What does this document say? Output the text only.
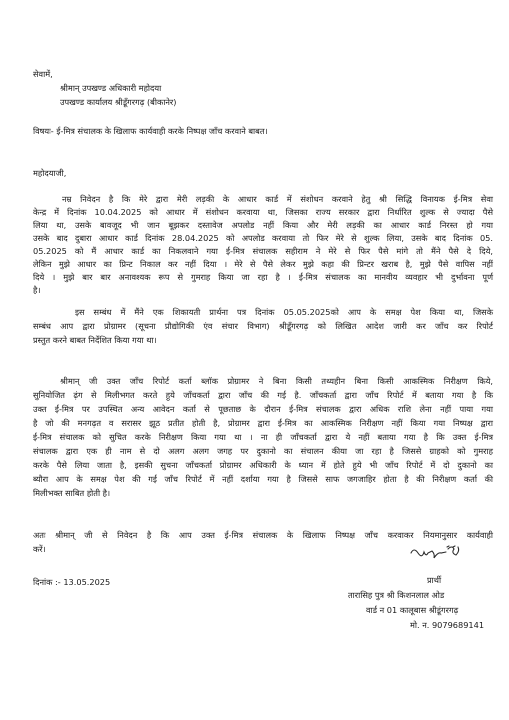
सेवामें,
श्रीमान् उपखण्ड अधिकारी महोदया
उपखण्ड कार्यालय श्रीडूँगरगढ़ (बीकानेर)
विषयः- ई-मित्र संचालक के खिलाफ कार्यवाही करके निष्पक्ष जाँच करवाने बाबत।
महोदयाजी,
नम्र निवेदन है कि मेरे द्वारा मेरी लड़की के आधार कार्ड में संशोधन करवाने हेतु श्री सिद्धि विनायक ई-मित्र सेवा
केन्द्र में दिनांक 10.04.2025 को आधार में संशोधन करवाया था, जिसका राज्य सरकार द्वारा निर्धारित शुल्क से ज्यादा पैसे
लिया था, उसके बावजूद भी जान बूझकर दस्तावेज अपलोड नहीं किया और मेरी लड़की का आधार कार्ड निरस्त हो गया
उसके बाद दुबारा आधार कार्ड दिनांक 28.04.2025 को अपलोड करवाया तो फिर मेरे से शुल्क लिया, उसके बाद दिनांक 05.
05.2025 को मैं आधार कार्ड का निकलवाने गया ई-मित्र संचालक सहीराम ने मेरे से फिर पैसे मांगे तो मैंने पैसे दे दिये,
लेकिन मुझे आधार का प्रिन्ट निकाल कर नहीं दिया । मेरे से पैसे लेकर मुझे कहा की प्रिन्टर खराब है, मुझे पैसे वापिस नहीं
दिये । मुझे बार बार अनावश्यक रूप से गुमराह किया जा रहा है । ई-मित्र संचालक का मानवीय व्यवहार भी दुर्भावना पूर्ण
है।
इस सम्बंध में मैंने एक शिकायती प्रार्थना पत्र दिनांक 05.05.2025को आप के समक्ष पेश किया था, जिसके
सम्बंध आप द्वारा प्रोग्रामर (सूचना प्रौद्योगिकी एंव संचार विभाग) श्रीडूँगरगढ़ को लिखित आदेश जारी कर जाँच कर रिपोर्ट
प्रस्तुत करने बाबत निर्देशित किया गया था।
श्रीमान् जी उक्त जाँच रिपोर्ट कर्ता ब्लॉक प्रोग्रामर ने बिना किसी तथ्यहीन बिना किसी आकस्मिक निरीक्षण किये,
सुनियोजित ढ़ंग से मिलीभगत करते हुये जाँचकर्ता द्वारा जाँच की गई है. जाँचकर्ता द्वारा जाँच रिपोर्ट में बताया गया है कि
उक्त ई-मित्र पर उपस्थित अन्य आवेदन कर्ता से पूछताछ के दौरान ई-मित्र संचालक द्वारा अधिक राशि लेना नहीं पाया गया
है जो की मनगढ़त व सरासर झूठ प्रतीत होती है, प्रोग्रामर द्वारा ई-मित्र का आकस्मिक निरीक्षण नहीं किया गया निष्पक्ष द्वारा
ई-मित्र संचालक को सुचित करके निरीक्षण किया गया था । ना ही जाँचकर्ता द्वारा ये नहीं बताया गया है कि उक्त ई-मित्र
संचालक द्वारा एक ही नाम से दो अलग अलग जगह पर दुकानो का संचालन कीया जा रहा है जिससे ग्राहको को गुमराह
करके पैसे लिया जाता है, इसकी सुचना जाँचकर्ता प्रोग्रामर अधिकारी के ध्यान में होते हुये भी जाँच रिपोर्ट में दो दुकानो का
ब्यौरा आप के समक्ष पेश की गई जाँच रिपोर्ट में नहीं दर्शाया गया है जिससे साफ जगजाहिर होता है की निरीक्षण कर्ता की
मिलीभक्त साबित होती है।
अतः श्रीमान् जी से निवेदन है कि आप उक्त ई-मित्र संचालक के खिलाफ निष्पक्ष जाँच करवाकर नियमानुसार कार्यवाही
करें।
दिनांक :- 13.05.2025	प्रार्थी
तारासिह पुत्र श्री किशनलाल ओड
वार्ड न 01 कालूबास श्रीडूंगरगढ़
मो. न. 9079689141
